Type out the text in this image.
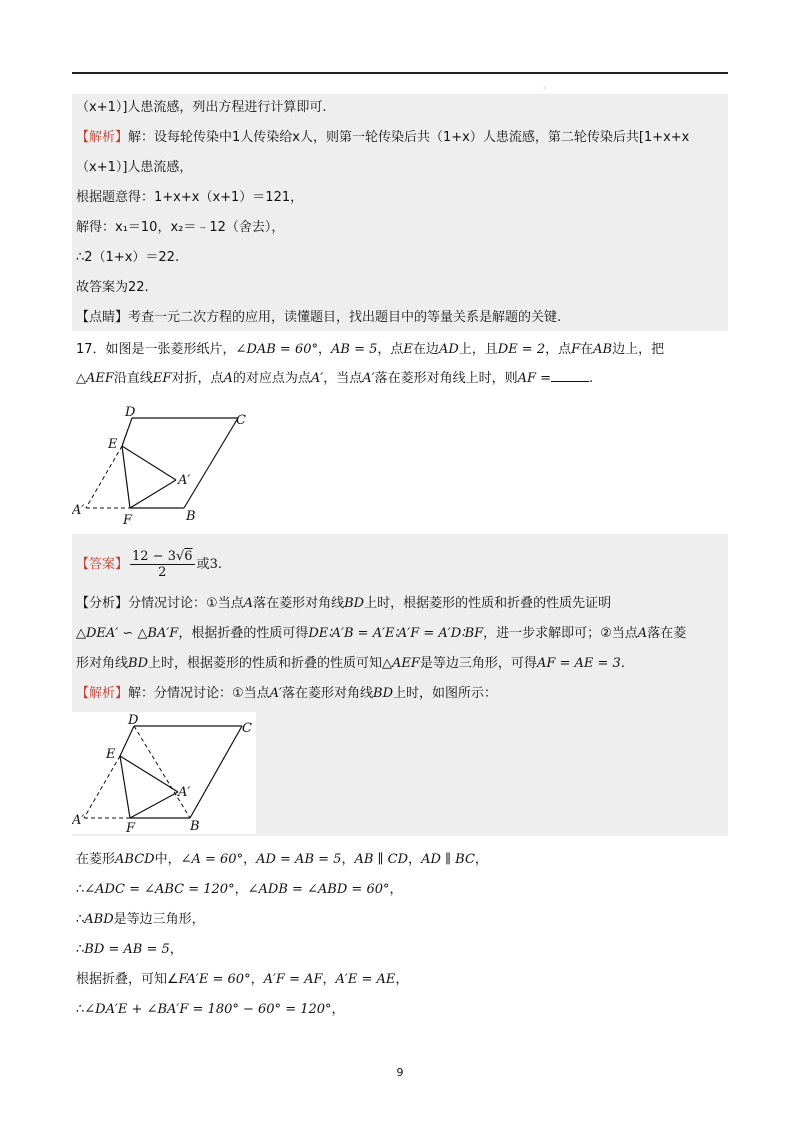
·
（x+1）]人患流感，列出方程进行计算即可.
【解析】解：设每轮传染中1人传染给x人，则第一轮传染后共（1+x）人患流感，第二轮传染后共[1+x+x
（x+1）]人患流感，
根据题意得：1+x+x（x+1）＝121，
解得：x₁＝10，x₂＝﹣12（舍去），
∴2（1+x）＝22.
故答案为22.
【点睛】考查一元二次方程的应用，读懂题目，找出题目中的等量关系是解题的关键.
17．如图是一张菱形纸片，∠DAB = 60°，AB = 5，点E在边AD上，且DE = 2，点F在AB边上，把
△AEF沿直线EF对折，点A的对应点为点A′，当点A′落在菱形对角线上时，则AF =	.
D
C
E
A′
A′
F	B
【答案】 $\frac{12 - 3√6}{2}$ 或3.
【分析】分情况讨论：①当点A落在菱形对角线BD上时，根据菱形的性质和折叠的性质先证明
△DEA′ ∽ △BA′F，根据折叠的性质可得DE∶A′B = A′E∶A′F = A′D∶BF，进一步求解即可；②当点A落在菱
形对角线BD上时，根据菱形的性质和折叠的性质可知△AEF是等边三角形，可得AF = AE = 3.
【解析】解：分情况讨论：①当点A′落在菱形对角线BD上时，如图所示：
D
C
E
A′
A′
F	B
在菱形ABCD中，∠A = 60°，AD = AB = 5，AB ∥ CD，AD ∥ BC，
∴∠ADC = ∠ABC = 120°，∠ADB = ∠ABD = 60°，
∴ABD是等边三角形，
∴BD = AB = 5，
根据折叠，可知∠FA′E = 60°，A′F = AF，A′E = AE，
∴∠DA′E + ∠BA′F = 180° − 60° = 120°，
9
